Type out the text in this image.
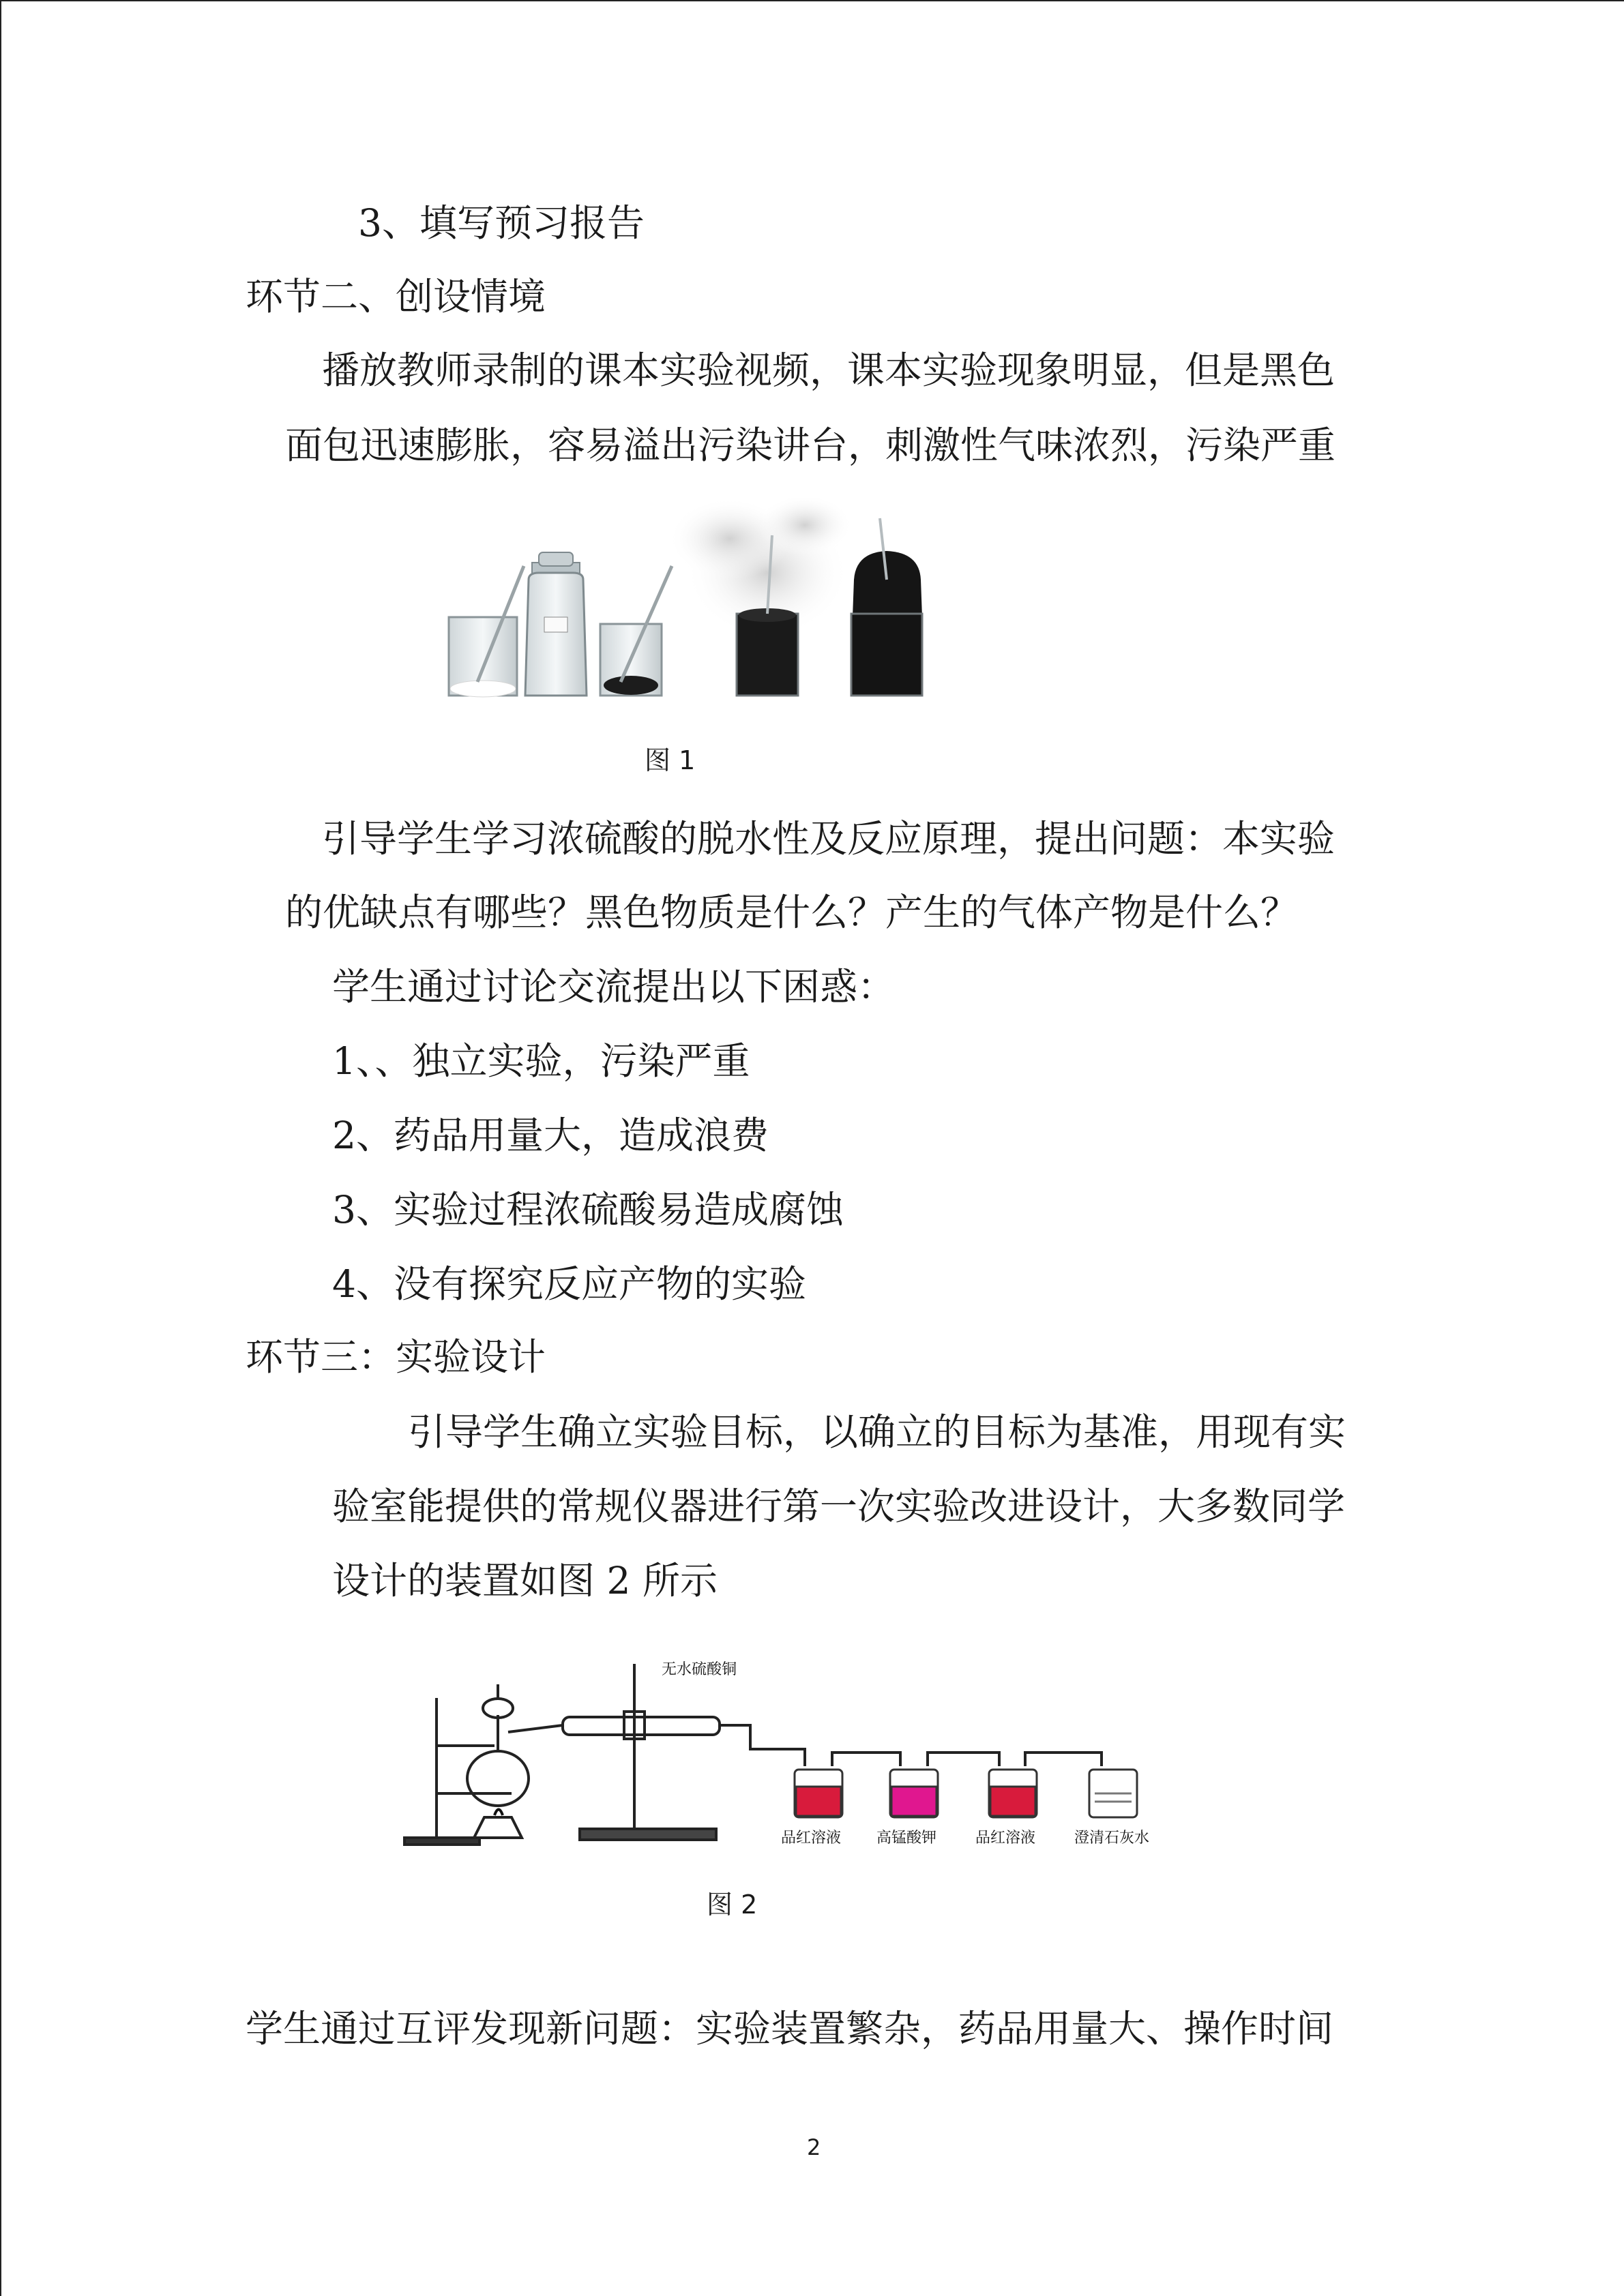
3、填写预习报告
环节二、创设情境
播放教师录制的课本实验视频，课本实验现象明显，但是黑色
面包迅速膨胀，容易溢出污染讲台，刺激性气味浓烈，污染严重
图 1
引导学生学习浓硫酸的脱水性及反应原理，提出问题：本实验
的优缺点有哪些？黑色物质是什么？产生的气体产物是什么？
学生通过讨论交流提出以下困惑：
1、、独立实验，污染严重
2、药品用量大，造成浪费
3、实验过程浓硫酸易造成腐蚀
4、没有探究反应产物的实验
环节三：实验设计
引导学生确立实验目标，以确立的目标为基准，用现有实
验室能提供的常规仪器进行第一次实验改进设计，大多数同学
设计的装置如图 2 所示
无水硫酸铜
品红溶液 高锰酸钾	品红溶液	澄清石灰水
图 2
学生通过互评发现新问题：实验装置繁杂，药品用量大、操作时间
2
